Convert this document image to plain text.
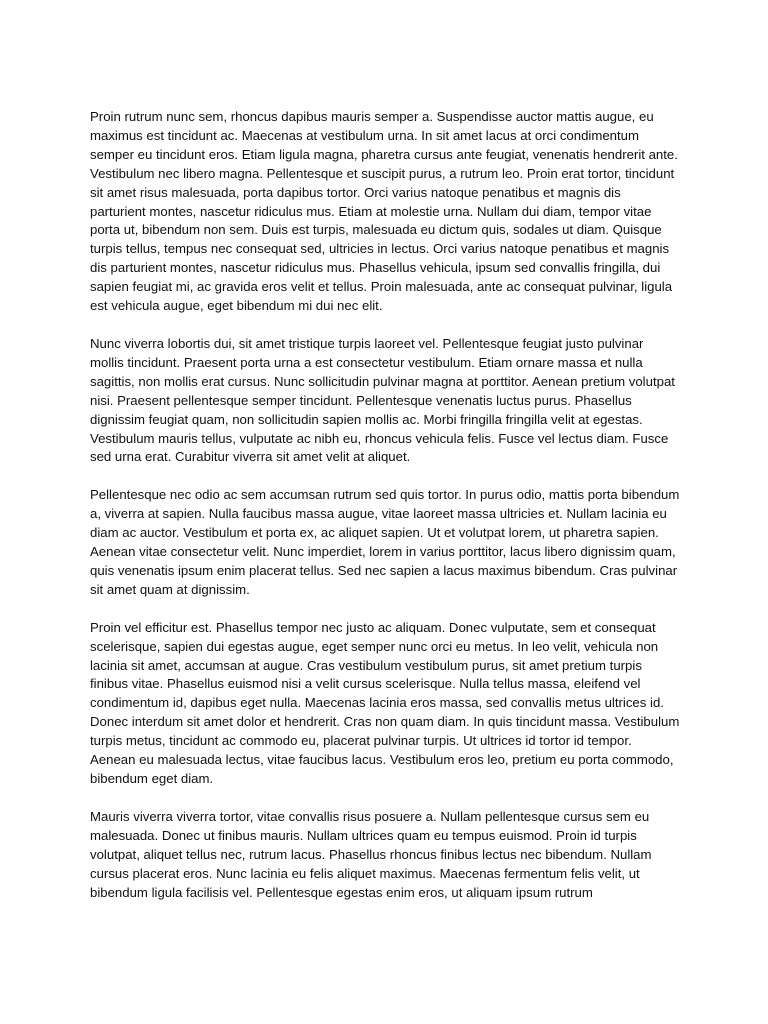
Proin rutrum nunc sem, rhoncus dapibus mauris semper a. Suspendisse auctor mattis augue, eu maximus est tincidunt ac. Maecenas at vestibulum urna. In sit amet lacus at orci condimentum semper eu tincidunt eros. Etiam ligula magna, pharetra cursus ante feugiat, venenatis hendrerit ante. Vestibulum nec libero magna. Pellentesque et suscipit purus, a rutrum leo. Proin erat tortor, tincidunt sit amet risus malesuada, porta dapibus tortor. Orci varius natoque penatibus et magnis dis parturient montes, nascetur ridiculus mus. Etiam at molestie urna. Nullam dui diam, tempor vitae porta ut, bibendum non sem. Duis est turpis, malesuada eu dictum quis, sodales ut diam. Quisque turpis tellus, tempus nec consequat sed, ultricies in lectus. Orci varius natoque penatibus et magnis dis parturient montes, nascetur ridiculus mus. Phasellus vehicula, ipsum sed convallis fringilla, dui sapien feugiat mi, ac gravida eros velit et tellus. Proin malesuada, ante ac consequat pulvinar, ligula est vehicula augue, eget bibendum mi dui nec elit.

Nunc viverra lobortis dui, sit amet tristique turpis laoreet vel. Pellentesque feugiat justo pulvinar mollis tincidunt. Praesent porta urna a est consectetur vestibulum. Etiam ornare massa et nulla sagittis, non mollis erat cursus. Nunc sollicitudin pulvinar magna at porttitor. Aenean pretium volutpat nisi. Praesent pellentesque semper tincidunt. Pellentesque venenatis luctus purus. Phasellus dignissim feugiat quam, non sollicitudin sapien mollis ac. Morbi fringilla fringilla velit at egestas. Vestibulum mauris tellus, vulputate ac nibh eu, rhoncus vehicula felis. Fusce vel lectus diam. Fusce sed urna erat. Curabitur viverra sit amet velit at aliquet.

Pellentesque nec odio ac sem accumsan rutrum sed quis tortor. In purus odio, mattis porta bibendum a, viverra at sapien. Nulla faucibus massa augue, vitae laoreet massa ultricies et. Nullam lacinia eu diam ac auctor. Vestibulum et porta ex, ac aliquet sapien. Ut et volutpat lorem, ut pharetra sapien. Aenean vitae consectetur velit. Nunc imperdiet, lorem in varius porttitor, lacus libero dignissim quam, quis venenatis ipsum enim placerat tellus. Sed nec sapien a lacus maximus bibendum. Cras pulvinar sit amet quam at dignissim.

Proin vel efficitur est. Phasellus tempor nec justo ac aliquam. Donec vulputate, sem et consequat scelerisque, sapien dui egestas augue, eget semper nunc orci eu metus. In leo velit, vehicula non lacinia sit amet, accumsan at augue. Cras vestibulum vestibulum purus, sit amet pretium turpis finibus vitae. Phasellus euismod nisi a velit cursus scelerisque. Nulla tellus massa, eleifend vel condimentum id, dapibus eget nulla. Maecenas lacinia eros massa, sed convallis metus ultrices id. Donec interdum sit amet dolor et hendrerit. Cras non quam diam. In quis tincidunt massa. Vestibulum turpis metus, tincidunt ac commodo eu, placerat pulvinar turpis. Ut ultrices id tortor id tempor. Aenean eu malesuada lectus, vitae faucibus lacus. Vestibulum eros leo, pretium eu porta commodo, bibendum eget diam.

Mauris viverra viverra tortor, vitae convallis risus posuere a. Nullam pellentesque cursus sem eu malesuada. Donec ut finibus mauris. Nullam ultrices quam eu tempus euismod. Proin id turpis volutpat, aliquet tellus nec, rutrum lacus. Phasellus rhoncus finibus lectus nec bibendum. Nullam cursus placerat eros. Nunc lacinia eu felis aliquet maximus. Maecenas fermentum felis velit, ut bibendum ligula facilisis vel. Pellentesque egestas enim eros, ut aliquam ipsum rutrum
